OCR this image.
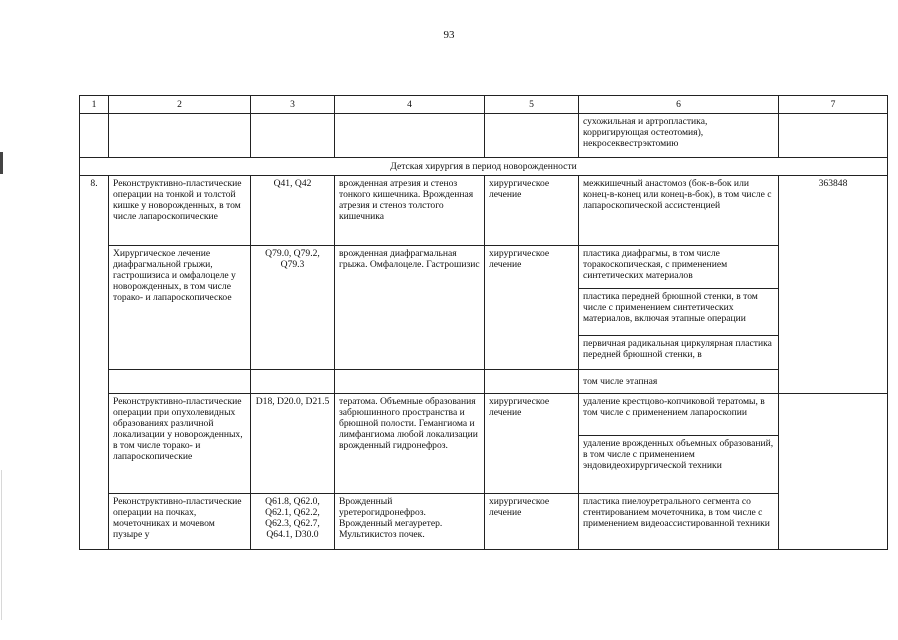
93
1	2	3	4	5	6	7
					сухожильная и артропластика, корригирующая остеотомия), некросеквестрэктомию	
Детская хирургия в период новорожденности						
8.	Реконструктивно-пластические операции на тонкой и толстой кишке у новорожденных, в том числе лапароскопические	Q41, Q42	врожденная атрезия и стеноз тонкого кишечника. Врожденная атрезия и стеноз толстого кишечника	хирургическое лечение	межкишечный анастомоз (бок-в-бок или конец-в-конец или конец-в-бок), в том числе с лапароскопической ассистенцией	363848
	Хирургическое лечение диафрагмальной грыжи, гастрошизиса и омфалоцеле у новорожденных, в том числе торако- и лапароскопическое	Q79.0, Q79.2, Q79.3	врожденная диафрагмальная грыжа. Омфалоцеле. Гастрошизис	хирургическое лечение	пластика диафрагмы, в том числе торакоскопическая, с применением синтетических материалов	
					пластика передней брюшной стенки, в том числе с применением синтетических материалов, включая этапные операции	
					первичная радикальная циркулярная пластика передней брюшной стенки, в	
					том числе этапная	
	Реконструктивно-пластические операции при опухолевидных образованиях различной локализации у новорожденных, в том числе торако- и лапароскопические	D18, D20.0, D21.5	тератома. Объемные образования забрюшинного пространства и брюшной полости. Гемангиома и лимфангиома любой локализации врожденный гидронефроз.	хирургическое лечение	удаление крестцово-копчиковой тератомы, в том числе с применением лапароскопии	
					удаление врожденных объемных образований, в том числе с применением эндовидеохирургической техники	
	Реконструктивно-пластические операции на почках, мочеточниках и мочевом пузыре у	Q61.8, Q62.0, Q62.1, Q62.2, Q62.3, Q62.7, Q64.1, D30.0	Врожденный уретерогидронефроз. Врожденный мегауретер. Мультикистоз почек.	хирургическое лечение	пластика пиелоуретрального сегмента со стентированием мочеточника, в том числе с применением видеоассистированной техники	
